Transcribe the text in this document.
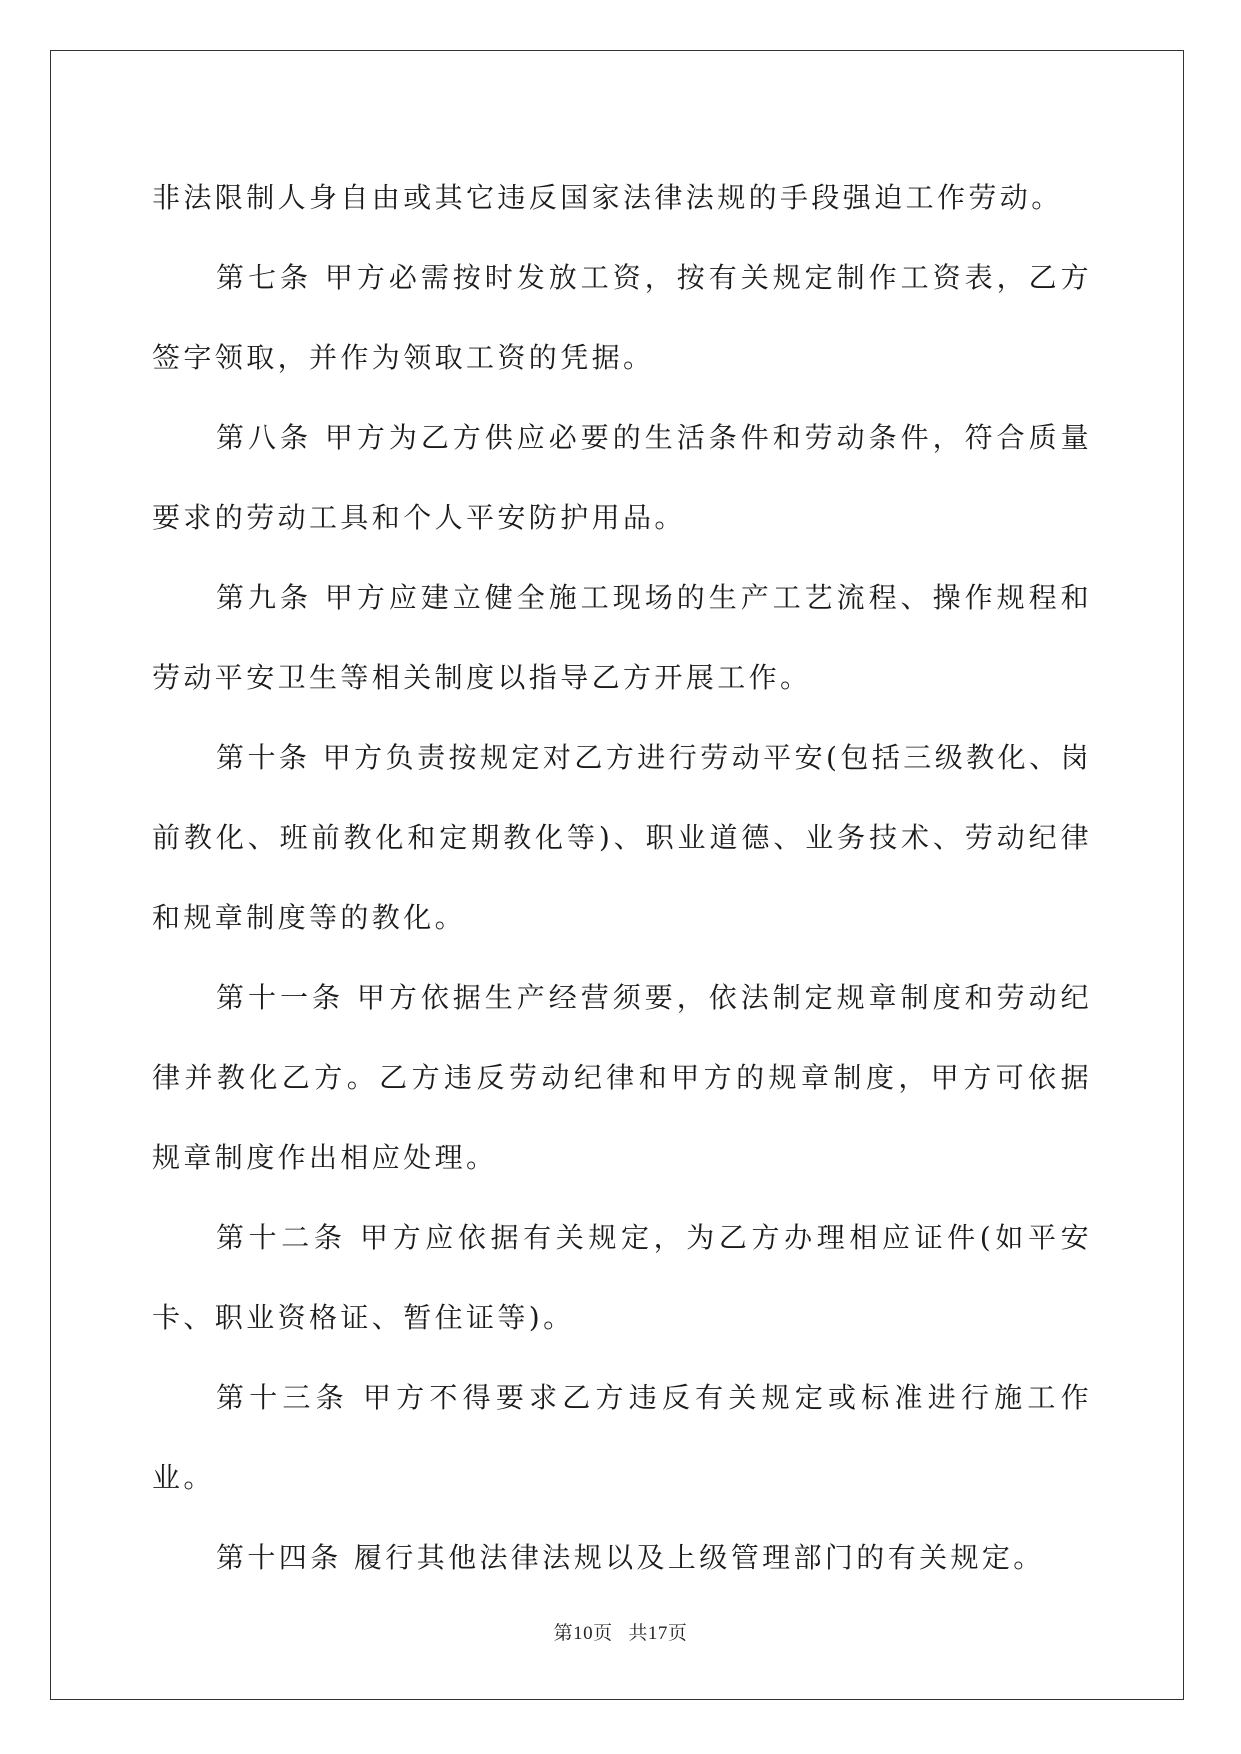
非法限制人身自由或其它违反国家法律法规的手段强迫工作劳动。

第七条 甲方必需按时发放工资，按有关规定制作工资表，乙方签字领取，并作为领取工资的凭据。

第八条 甲方为乙方供应必要的生活条件和劳动条件，符合质量要求的劳动工具和个人平安防护用品。

第九条 甲方应建立健全施工现场的生产工艺流程、操作规程和劳动平安卫生等相关制度以指导乙方开展工作。

第十条 甲方负责按规定对乙方进行劳动平安(包括三级教化、岗前教化、班前教化和定期教化等)、职业道德、业务技术、劳动纪律和规章制度等的教化。

第十一条 甲方依据生产经营须要，依法制定规章制度和劳动纪律并教化乙方。乙方违反劳动纪律和甲方的规章制度，甲方可依据规章制度作出相应处理。

第十二条 甲方应依据有关规定，为乙方办理相应证件(如平安卡、职业资格证、暂住证等)。

第十三条 甲方不得要求乙方违反有关规定或标准进行施工作业。

第十四条 履行其他法律法规以及上级管理部门的有关规定。

第10页 共17页
